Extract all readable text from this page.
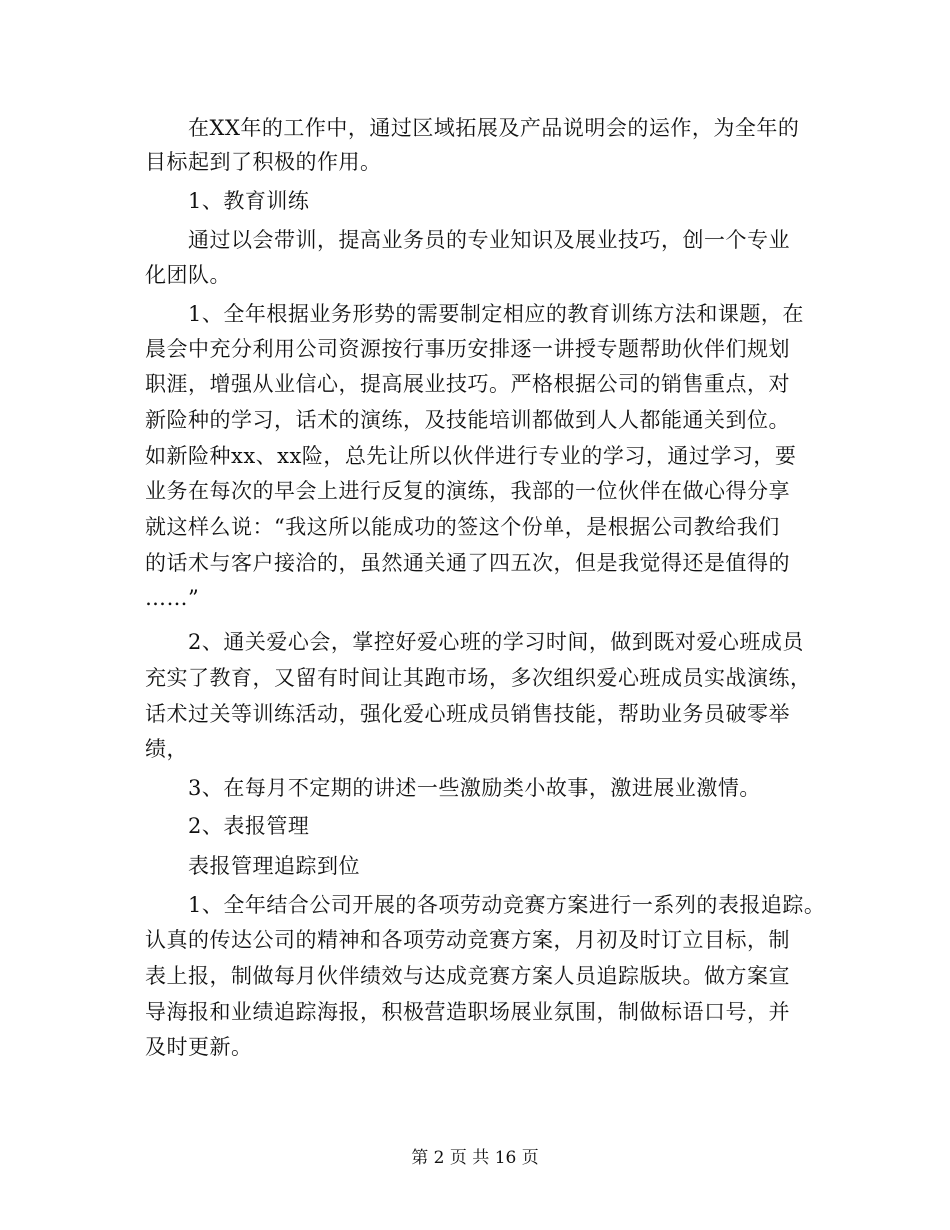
在XX年的工作中，通过区域拓展及产品说明会的运作，为全年的
目标起到了积极的作用。
1、教育训练
通过以会带训，提高业务员的专业知识及展业技巧，创一个专业
化团队。
1、全年根据业务形势的需要制定相应的教育训练方法和课题，在
晨会中充分利用公司资源按行事历安排逐一讲授专题帮助伙伴们规划
职涯，增强从业信心，提高展业技巧。严格根据公司的销售重点，对
新险种的学习，话术的演练，及技能培训都做到人人都能通关到位。
如新险种xx、xx险，总先让所以伙伴进行专业的学习，通过学习，要
业务在每次的早会上进行反复的演练，我部的一位伙伴在做心得分享
就这样么说：“我这所以能成功的签这个份单，是根据公司教给我们
的话术与客户接洽的，虽然通关通了四五次，但是我觉得还是值得的
……”
2、通关爱心会，掌控好爱心班的学习时间，做到既对爱心班成员
充实了教育，又留有时间让其跑市场，多次组织爱心班成员实战演练，
话术过关等训练活动，强化爱心班成员销售技能，帮助业务员破零举
绩，
3、在每月不定期的讲述一些激励类小故事，激进展业激情。
2、表报管理
表报管理追踪到位
1、全年结合公司开展的各项劳动竞赛方案进行一系列的表报追踪。
认真的传达公司的精神和各项劳动竞赛方案，月初及时订立目标，制
表上报，制做每月伙伴绩效与达成竞赛方案人员追踪版块。做方案宣
导海报和业绩追踪海报，积极营造职场展业氛围，制做标语口号，并
及时更新。
第 2 页 共 16 页
